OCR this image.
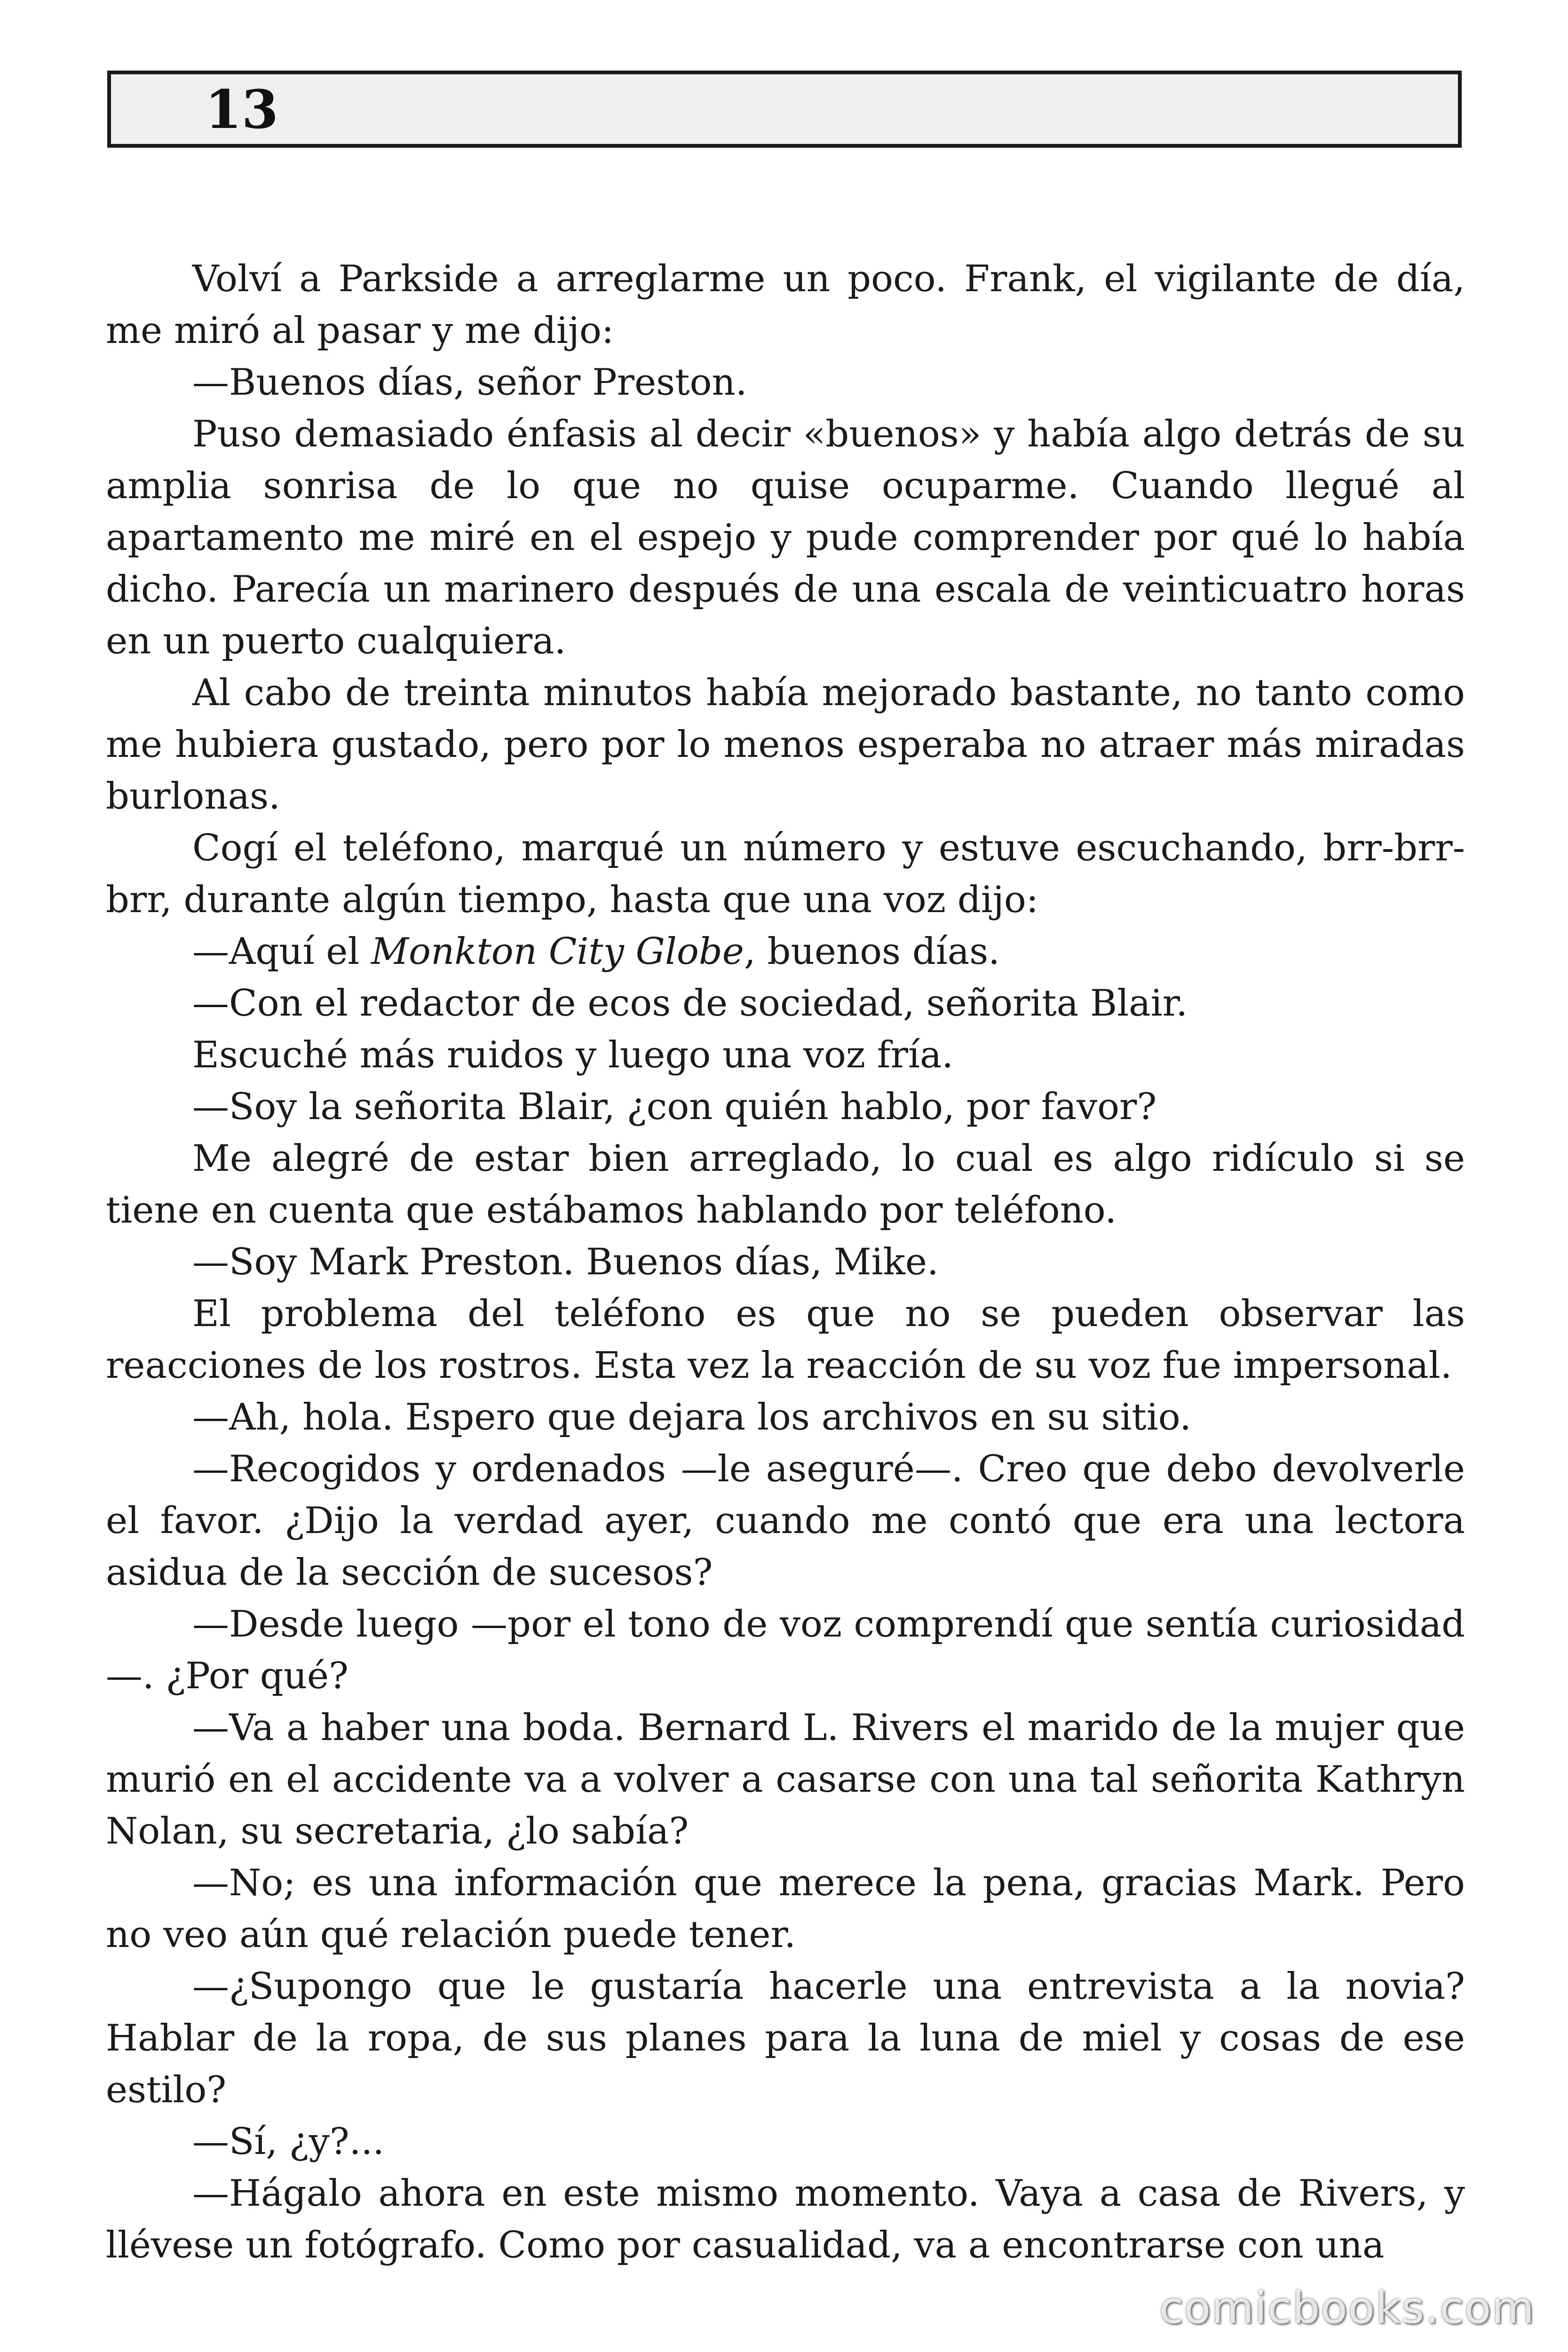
13

Volví a Parkside a arreglarme un poco. Frank, el vigilante de día, me miró al pasar y me dijo:

—Buenos días, señor Preston.

Puso demasiado énfasis al decir «buenos» y había algo detrás de su amplia sonrisa de lo que no quise ocuparme. Cuando llegué al apartamento me miré en el espejo y pude comprender por qué lo había dicho. Parecía un marinero después de una escala de veinticuatro horas en un puerto cualquiera.

Al cabo de treinta minutos había mejorado bastante, no tanto como me hubiera gustado, pero por lo menos esperaba no atraer más miradas burlonas.

Cogí el teléfono, marqué un número y estuve escuchando, brr-brr-brr, durante algún tiempo, hasta que una voz dijo:

—Aquí el Monkton City Globe, buenos días.

—Con el redactor de ecos de sociedad, señorita Blair.

Escuché más ruidos y luego una voz fría.

—Soy la señorita Blair, ¿con quién hablo, por favor?

Me alegré de estar bien arreglado, lo cual es algo ridículo si se tiene en cuenta que estábamos hablando por teléfono.

—Soy Mark Preston. Buenos días, Mike.

El problema del teléfono es que no se pueden observar las reacciones de los rostros. Esta vez la reacción de su voz fue impersonal.

—Ah, hola. Espero que dejara los archivos en su sitio.

—Recogidos y ordenados —le aseguré—. Creo que debo devolverle el favor. ¿Dijo la verdad ayer, cuando me contó que era una lectora asidua de la sección de sucesos?

—Desde luego —por el tono de voz comprendí que sentía curiosidad—. ¿Por qué?

—Va a haber una boda. Bernard L. Rivers el marido de la mujer que murió en el accidente va a volver a casarse con una tal señorita Kathryn Nolan, su secretaria, ¿lo sabía?

—No; es una información que merece la pena, gracias Mark. Pero no veo aún qué relación puede tener.

—¿Supongo que le gustaría hacerle una entrevista a la novia? Hablar de la ropa, de sus planes para la luna de miel y cosas de ese estilo?

—Sí, ¿y?...

—Hágalo ahora en este mismo momento. Vaya a casa de Rivers, y llévese un fotógrafo. Como por casualidad, va a encontrarse con una

comicbooks.com
